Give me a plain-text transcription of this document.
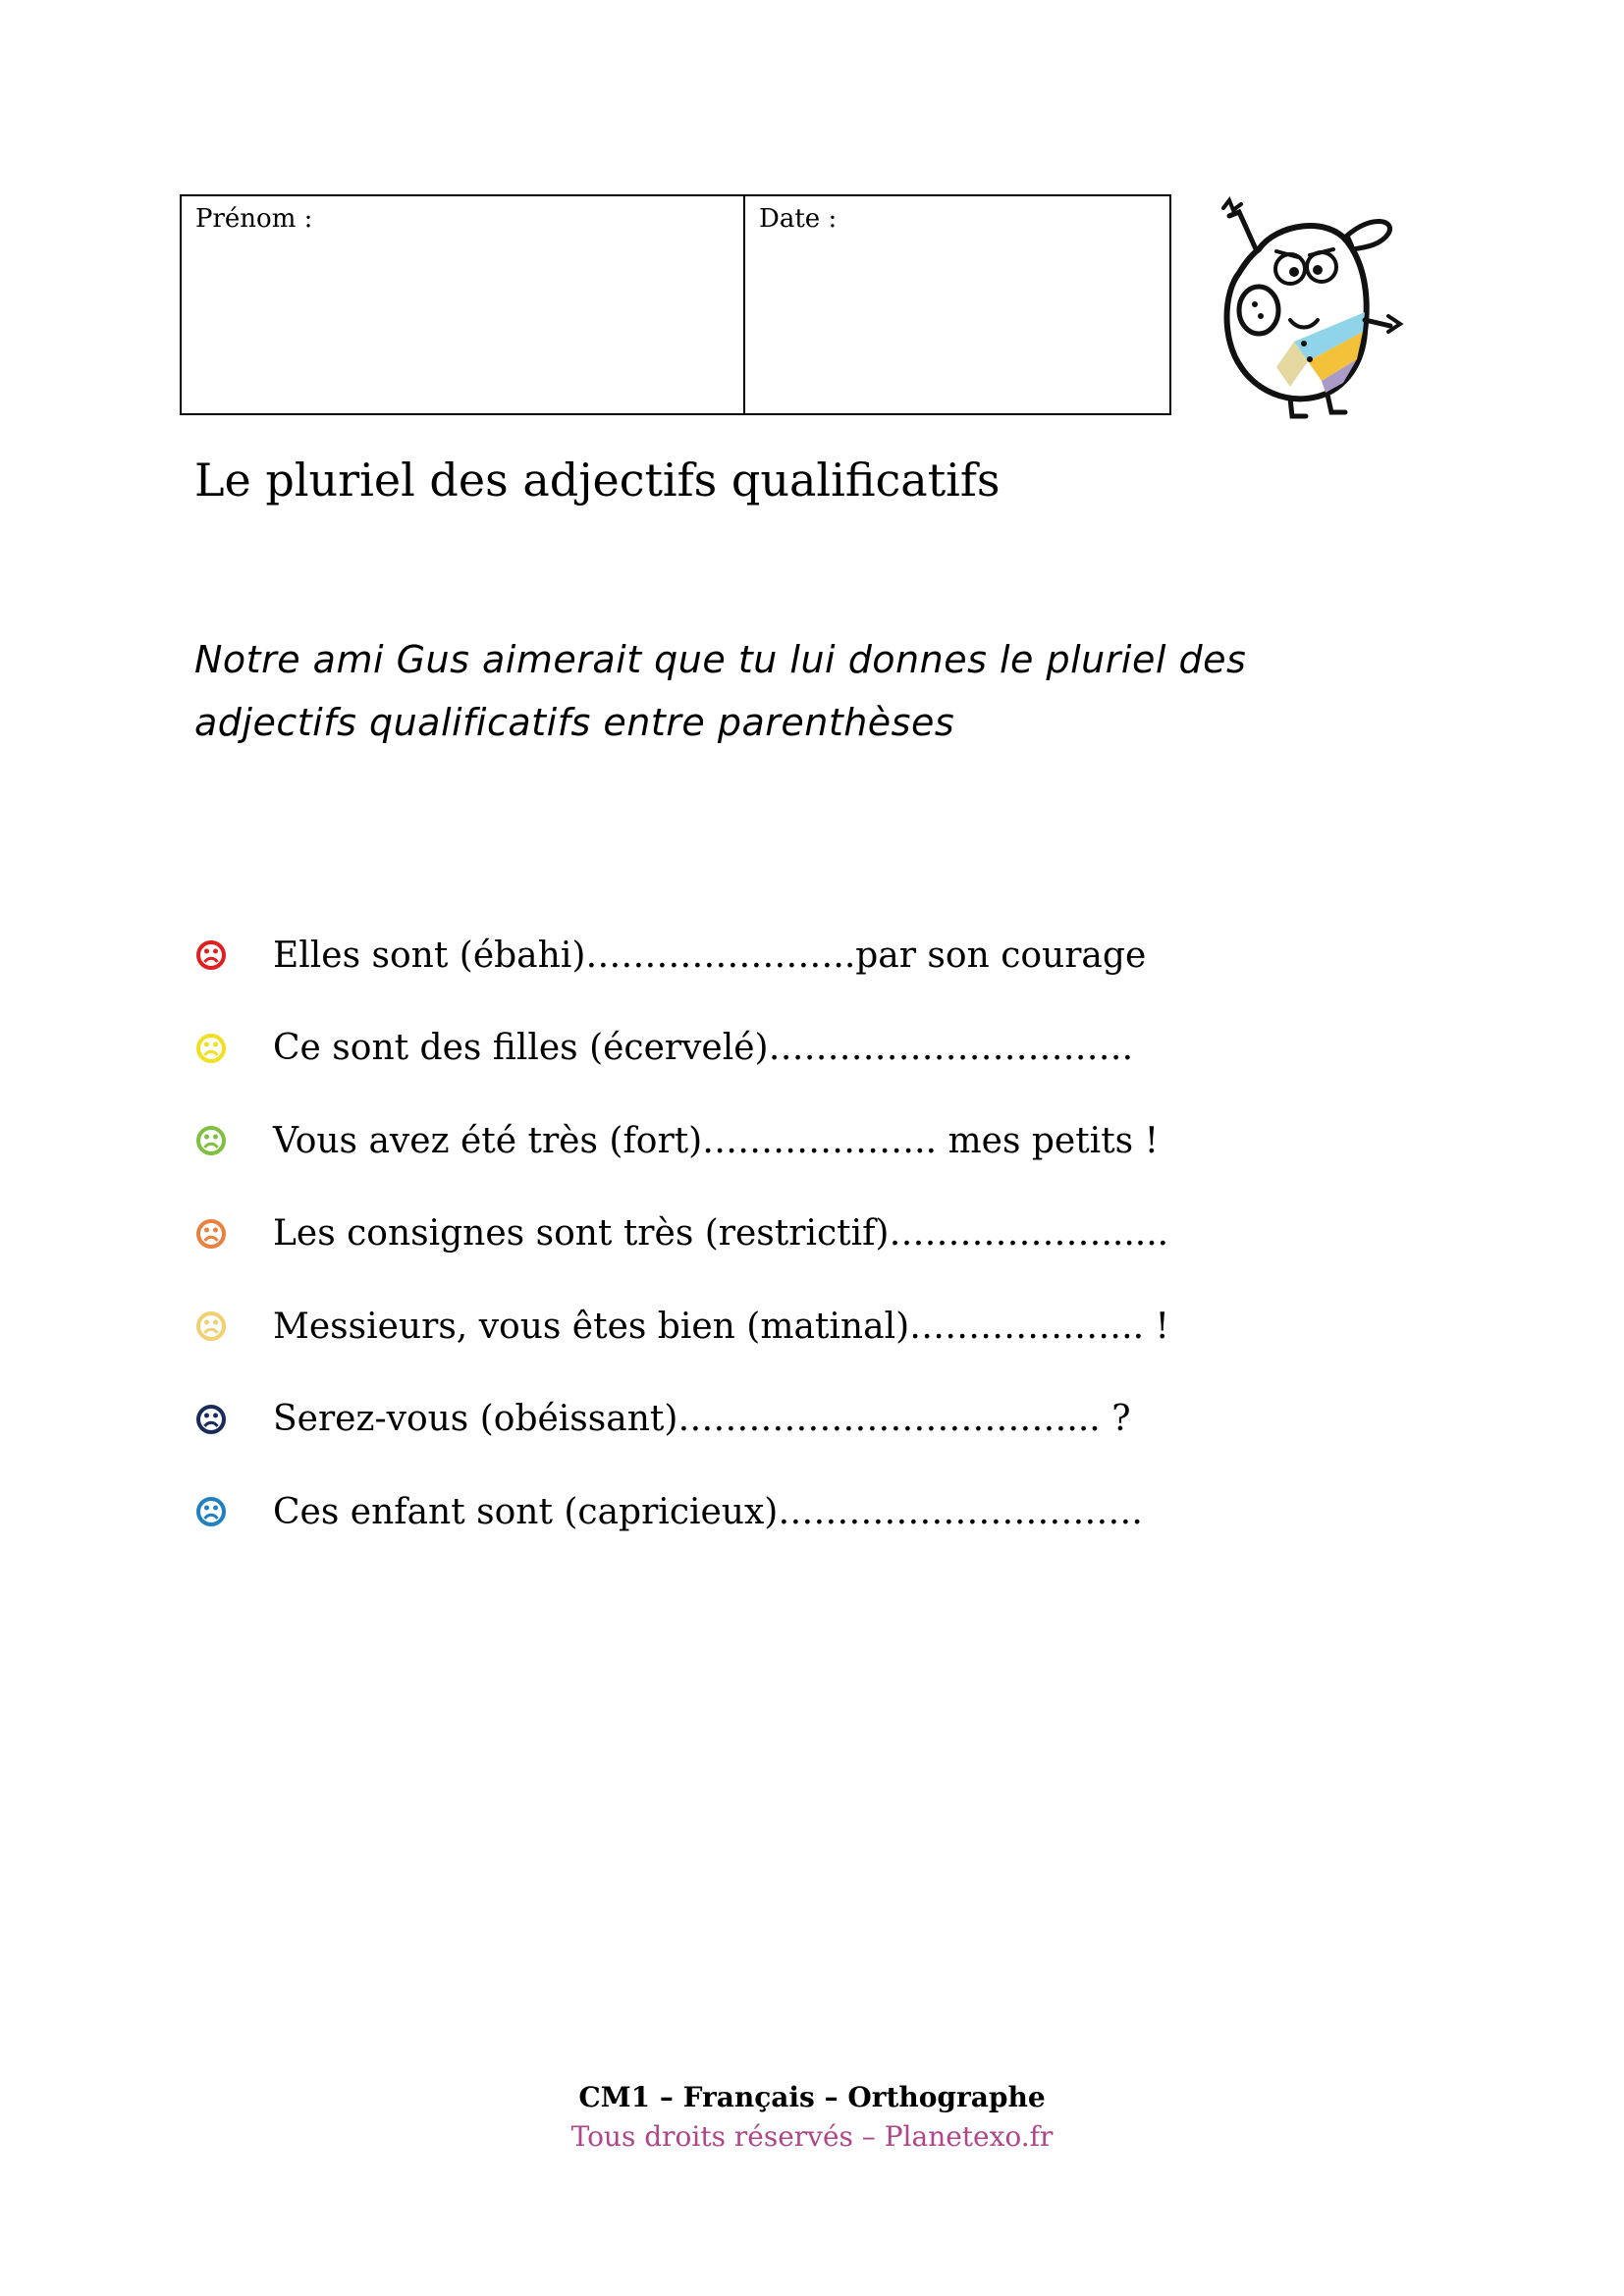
Prénom :	Date :
Le pluriel des adjectifs qualificatifs
Notre ami Gus aimerait que tu lui donnes le pluriel des
adjectifs qualificatifs entre parenthèses
Elles sont (ébahi)…………………..par son courage
Ce sont des filles (écervelé)………………………….
Vous avez été très (fort)……………….. mes petits !
Les consignes sont très (restrictif)………………......
Messieurs, vous êtes bien (matinal)……………….. !
Serez-vous (obéissant)……………………………... ?
Ces enfant sont (capricieux)………………………….
CM1 – Français – Orthographe
Tous droits réservés – Planetexo.fr
